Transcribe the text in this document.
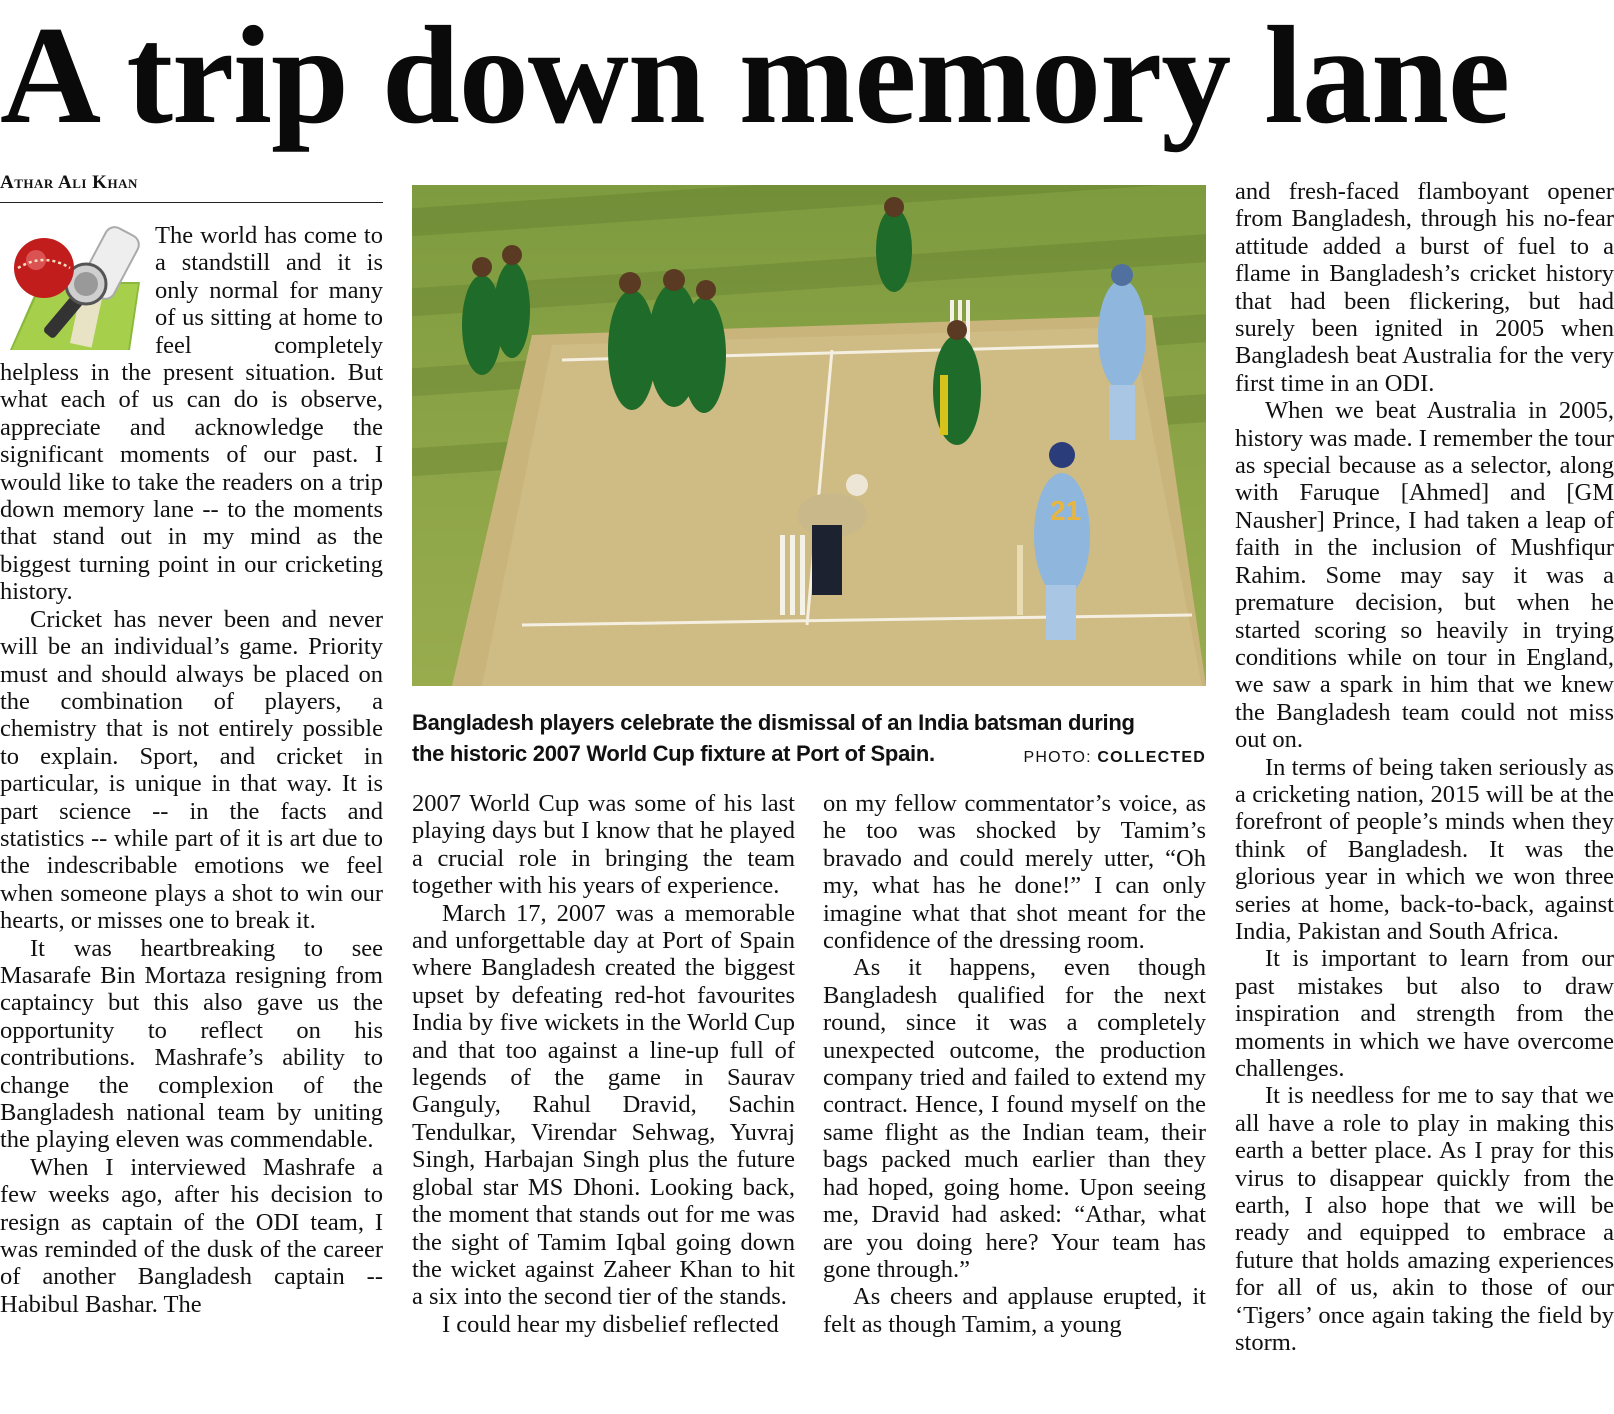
A trip down memory lane
Athar Ali Khan

The world has come to a standstill and it is only normal for many of us sitting at home to feel completely helpless in the present situation. But what each of us can do is observe, appreciate and acknowledge the significant moments of our past. I would like to take the readers on a trip down memory lane -- to the moments that stand out in my mind as the biggest turning point in our cricketing history.

Cricket has never been and never will be an individual’s game. Priority must and should always be placed on the combination of players, a chemistry that is not entirely possible to explain. Sport, and cricket in particular, is unique in that way. It is part science -- in the facts and statistics -- while part of it is art due to the indescribable emotions we feel when someone plays a shot to win our hearts, or misses one to break it.

It was heartbreaking to see Masarafe Bin Mortaza resigning from captaincy but this also gave us the opportunity to reflect on his contributions. Mashrafe’s ability to change the complexion of the Bangladesh national team by uniting the playing eleven was commendable.

When I interviewed Mashrafe a few weeks ago, after his decision to resign as captain of the ODI team, I was reminded of the dusk of the career of another Bangladesh captain -- Habibul Bashar. The

21
Bangladesh players celebrate the dismissal of an India batsman during
the historic 2007 World Cup fixture at Port of Spain.	PHOTO: COLLECTED

2007 World Cup was some of his last playing days but I know that he played a crucial role in bringing the team together with his years of experience.

March 17, 2007 was a memorable and unforgettable day at Port of Spain where Bangladesh created the biggest upset by defeating red-hot favourites India by five wickets in the World Cup and that too against a line-up full of legends of the game in Saurav Ganguly, Rahul Dravid, Sachin Tendulkar, Virendar Sehwag, Yuvraj Singh, Harbajan Singh plus the future global star MS Dhoni. Looking back, the moment that stands out for me was the sight of Tamim Iqbal going down the wicket against Zaheer Khan to hit a six into the second tier of the stands.

I could hear my disbelief reflected

on my fellow commentator’s voice, as he too was shocked by Tamim’s bravado and could merely utter, “Oh my, what has he done!” I can only imagine what that shot meant for the confidence of the dressing room.

As it happens, even though Bangladesh qualified for the next round, since it was a completely unexpected outcome, the production company tried and failed to extend my contract. Hence, I found myself on the same flight as the Indian team, their bags packed much earlier than they had hoped, going home. Upon seeing me, Dravid had asked: “Athar, what are you doing here? Your team has gone through.”

As cheers and applause erupted, it felt as though Tamim, a young

and fresh-faced flamboyant opener from Bangladesh, through his no-fear attitude added a burst of fuel to a flame in Bangladesh’s cricket history that had been flickering, but had surely been ignited in 2005 when Bangladesh beat Australia for the very first time in an ODI.

When we beat Australia in 2005, history was made. I remember the tour as special because as a selector, along with Faruque [Ahmed] and [GM Nausher] Prince, I had taken a leap of faith in the inclusion of Mushfiqur Rahim. Some may say it was a premature decision, but when he started scoring so heavily in trying conditions while on tour in England, we saw a spark in him that we knew the Bangladesh team could not miss out on.

In terms of being taken seriously as a cricketing nation, 2015 will be at the forefront of people’s minds when they think of Bangladesh. It was the glorious year in which we won three series at home, back-to-back, against India, Pakistan and South Africa.

It is important to learn from our past mistakes but also to draw inspiration and strength from the moments in which we have overcome challenges.

It is needless for me to say that we all have a role to play in making this earth a better place. As I pray for this virus to disappear quickly from the earth, I also hope that we will be ready and equipped to embrace a future that holds amazing experiences for all of us, akin to those of our ‘Tigers’ once again taking the field by storm.
